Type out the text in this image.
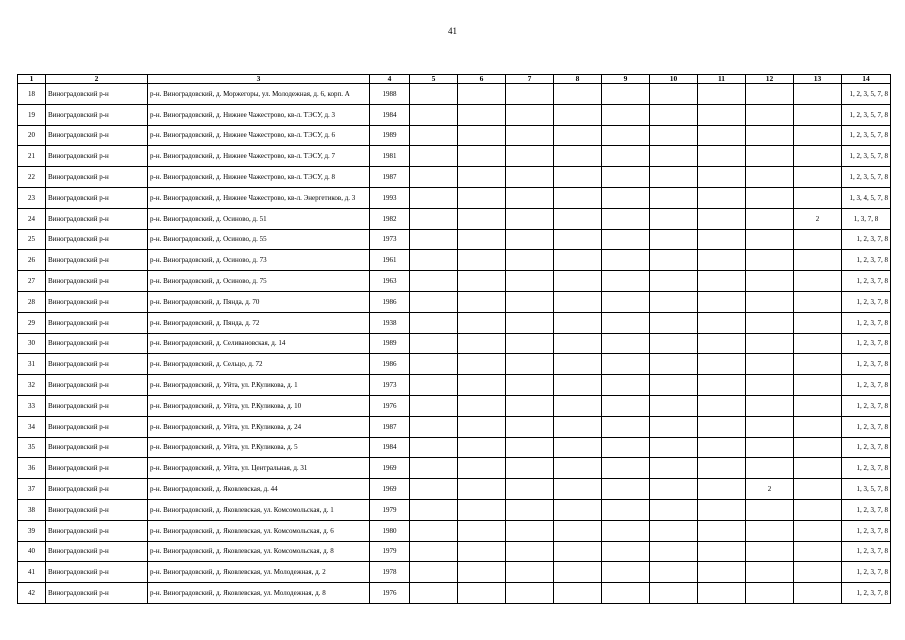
41
1	2	3	4	5	6	7	8	9	10	11	12	13	14
18	Виноградовский р-н	р-н. Виноградовский, д. Моржегоры, ул. Молодежная, д. 6, корп. А	1988										1, 2, 3, 5, 7, 8
19	Виноградовский р-н	р-н. Виноградовский, д. Нижнее Чажестрово, кв-л. ТЭСУ, д. 3	1984										1, 2, 3, 5, 7, 8
20	Виноградовский р-н	р-н. Виноградовский, д. Нижнее Чажестрово, кв-л. ТЭСУ, д. 6	1989										1, 2, 3, 5, 7, 8
21	Виноградовский р-н	р-н. Виноградовский, д. Нижнее Чажестрово, кв-л. ТЭСУ, д. 7	1981										1, 2, 3, 5, 7, 8
22	Виноградовский р-н	р-н. Виноградовский, д. Нижнее Чажестрово, кв-л. ТЭСУ, д. 8	1987										1, 2, 3, 5, 7, 8
23	Виноградовский р-н	р-н. Виноградовский, д. Нижнее Чажестрово, кв-л. Энергетиков, д. 3	1993										1, 3, 4, 5, 7, 8
24	Виноградовский р-н	р-н. Виноградовский, д. Осиново, д. 51	1982									2	1, 3, 7, 8
25	Виноградовский р-н	р-н. Виноградовский, д. Осиново, д. 55	1973										1, 2, 3, 7, 8
26	Виноградовский р-н	р-н. Виноградовский, д. Осиново, д. 73	1961										1, 2, 3, 7, 8
27	Виноградовский р-н	р-н. Виноградовский, д. Осиново, д. 75	1963										1, 2, 3, 7, 8
28	Виноградовский р-н	р-н. Виноградовский, д. Пянда, д. 70	1986										1, 2, 3, 7, 8
29	Виноградовский р-н	р-н. Виноградовский, д. Пянда, д. 72	1938										1, 2, 3, 7, 8
30	Виноградовский р-н	р-н. Виноградовский, д. Селивановская, д. 14	1989										1, 2, 3, 7, 8
31	Виноградовский р-н	р-н. Виноградовский, д. Сельцо, д. 72	1986										1, 2, 3, 7, 8
32	Виноградовский р-н	р-н. Виноградовский, д. Уйта, ул. Р.Куликова, д. 1	1973										1, 2, 3, 7, 8
33	Виноградовский р-н	р-н. Виноградовский, д. Уйта, ул. Р.Куликова, д. 10	1976										1, 2, 3, 7, 8
34	Виноградовский р-н	р-н. Виноградовский, д. Уйта, ул. Р.Куликова, д. 24	1987										1, 2, 3, 7, 8
35	Виноградовский р-н	р-н. Виноградовский, д. Уйта, ул. Р.Куликова, д. 5	1984										1, 2, 3, 7, 8
36	Виноградовский р-н	р-н. Виноградовский, д. Уйта, ул. Центральная, д. 31	1969										1, 2, 3, 7, 8
37	Виноградовский р-н	р-н. Виноградовский, д. Яковлевская, д. 44	1969								2		1, 3, 5, 7, 8
38	Виноградовский р-н	р-н. Виноградовский, д. Яковлевская, ул. Комсомольская, д. 1	1979										1, 2, 3, 7, 8
39	Виноградовский р-н	р-н. Виноградовский, д. Яковлевская, ул. Комсомольская, д. 6	1980										1, 2, 3, 7, 8
40	Виноградовский р-н	р-н. Виноградовский, д. Яковлевская, ул. Комсомольская, д. 8	1979										1, 2, 3, 7, 8
41	Виноградовский р-н	р-н. Виноградовский, д. Яковлевская, ул. Молодежная, д. 2	1978										1, 2, 3, 7, 8
42	Виноградовский р-н	р-н. Виноградовский, д. Яковлевская, ул. Молодежная, д. 8	1976										1, 2, 3, 7, 8
